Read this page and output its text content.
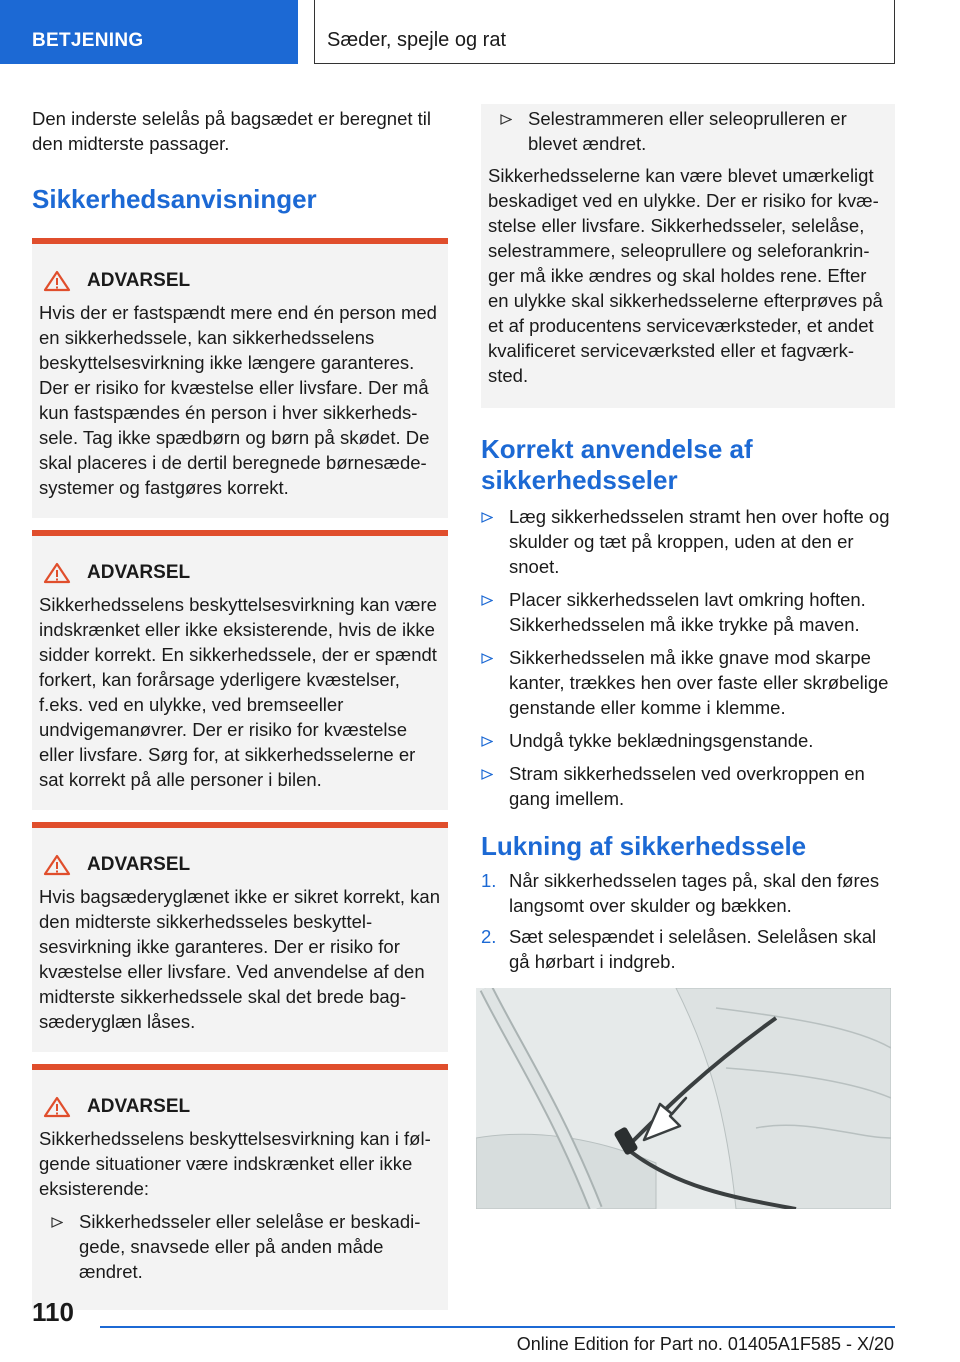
BETJENING	Sæder, spejle og rat

Den inderste selelås på bagsædet er beregnet til den midterste passager.

Sikkerhedsanvisninger
ADVARSEL

Hvis der er fastspændt mere end én person med en sikkerhedssele, kan sikkerhedsselens beskyttelsesvirkning ikke længere garanteres. Der er risiko for kvæstelse eller livsfare. Der må kun fastspændes én person i hver sikkerhedssele. Tag ikke spædbørn og børn på skødet. De skal placeres i de dertil beregnede børnesædesystemer og fastgøres korrekt.

ADVARSEL

Sikkerhedsselens beskyttelsesvirkning kan være indskrænket eller ikke eksisterende, hvis de ikke sidder korrekt. En sikkerhedssele, der er spændt forkert, kan forårsage yderligere kvæstelser, f.eks. ved en ulykke, ved bremseeller undvigemanøvrer. Der er risiko for kvæstelse eller livsfare. Sørg for, at sikkerhedsselerne er sat korrekt på alle personer i bilen.

ADVARSEL

Hvis bagsæderyglænet ikke er sikret korrekt, kan den midterste sikkerhedsseles beskyttelsesvirkning ikke garanteres. Der er risiko for kvæstelse eller livsfare. Ved anvendelse af den midterste sikkerhedssele skal det brede bagsæderyglæn låses.

ADVARSEL

Sikkerhedsselens beskyttelsesvirkning kan i følgende situationer være indskrænket eller ikke eksisterende:

Sikkerhedsseler eller selelåse er beskadigede, snavsede eller på anden måde ændret.
Selestrammeren eller seleoprulleren er blevet ændret.

Sikkerhedsselerne kan være blevet umærkeligt beskadiget ved en ulykke. Der er risiko for kvæstelse eller livsfare. Sikkerhedsseler, selelåse, selestrammere, seleoprullere og seleforankringer må ikke ændres og skal holdes rene. Efter en ulykke skal sikkerhedsselerne efterprøves på et af producentens serviceværksteder, et andet kvalificeret serviceværksted eller et fagværksted.

Korrekt anvendelse af sikkerhedsseler
Læg sikkerhedsselen stramt hen over hofte og skulder og tæt på kroppen, uden at den er snoet.
Placer sikkerhedsselen lavt omkring hoften. Sikkerhedsselen må ikke trykke på maven.
Sikkerhedsselen må ikke gnave mod skarpe kanter, trækkes hen over faste eller skrøbelige genstande eller komme i klemme.
Undgå tykke beklædningsgenstande.
Stram sikkerhedsselen ved overkroppen en gang imellem.
Lukning af sikkerhedssele
1. Når sikkerhedsselen tages på, skal den føres langsomt over skulder og bækken.
2. Sæt selespændet i selelåsen. Selelåsen skal gå hørbart i indgreb.
110
Online Edition for Part no. 01405A1F585 - X/20
